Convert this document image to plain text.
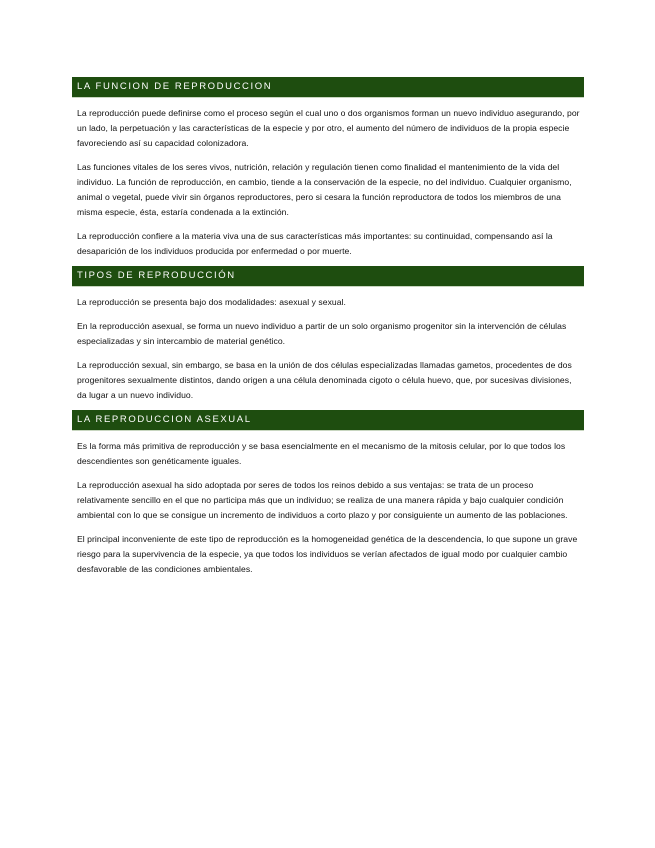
LA FUNCION DE REPRODUCCION

La reproducción puede definirse como el proceso según el cual uno o dos organismos forman un nuevo individuo asegurando, por un lado, la perpetuación y las características de la especie y por otro, el aumento del número de individuos de la propia especie favoreciendo así su capacidad colonizadora.

Las funciones vitales de los seres vivos, nutrición, relación y regulación tienen como finalidad el mantenimiento de la vida del individuo. La función de reproducción, en cambio, tiende a la conservación de la especie, no del individuo. Cualquier organismo, animal o vegetal, puede vivir sin órganos reproductores, pero si cesara la función reproductora de todos los miembros de una misma especie, ésta, estaría condenada a la extinción.

La reproducción confiere a la materia viva una de sus características más importantes: su continuidad, compensando así la desaparición de los individuos producida por enfermedad o por muerte.

TIPOS DE REPRODUCCIÓN

La reproducción se presenta bajo dos modalidades: asexual y sexual.

En la reproducción asexual, se forma un nuevo individuo a partir de un solo organismo progenitor sin la intervención de células especializadas y sin intercambio de material genético.

La reproducción sexual, sin embargo, se basa en la unión de dos células especializadas llamadas gametos, procedentes de dos progenitores sexualmente distintos, dando origen a una célula denominada cigoto o célula huevo, que, por sucesivas divisiones, da lugar a un nuevo individuo.

LA REPRODUCCION ASEXUAL

Es la forma más primitiva de reproducción y se basa esencialmente en el mecanismo de la mitosis celular, por lo que todos los descendientes son genéticamente iguales.

La reproducción asexual ha sido adoptada por seres de todos los reinos debido a sus ventajas: se trata de un proceso relativamente sencillo en el que no participa más que un individuo; se realiza de una manera rápida y bajo cualquier condición ambiental con lo que se consigue un incremento de individuos a corto plazo y por consiguiente un aumento de las poblaciones.

El principal inconveniente de este tipo de reproducción es la homogeneidad genética de la descendencia, lo que supone un grave riesgo para la supervivencia de la especie, ya que todos los individuos se verían afectados de igual modo por cualquier cambio desfavorable de las condiciones ambientales.
